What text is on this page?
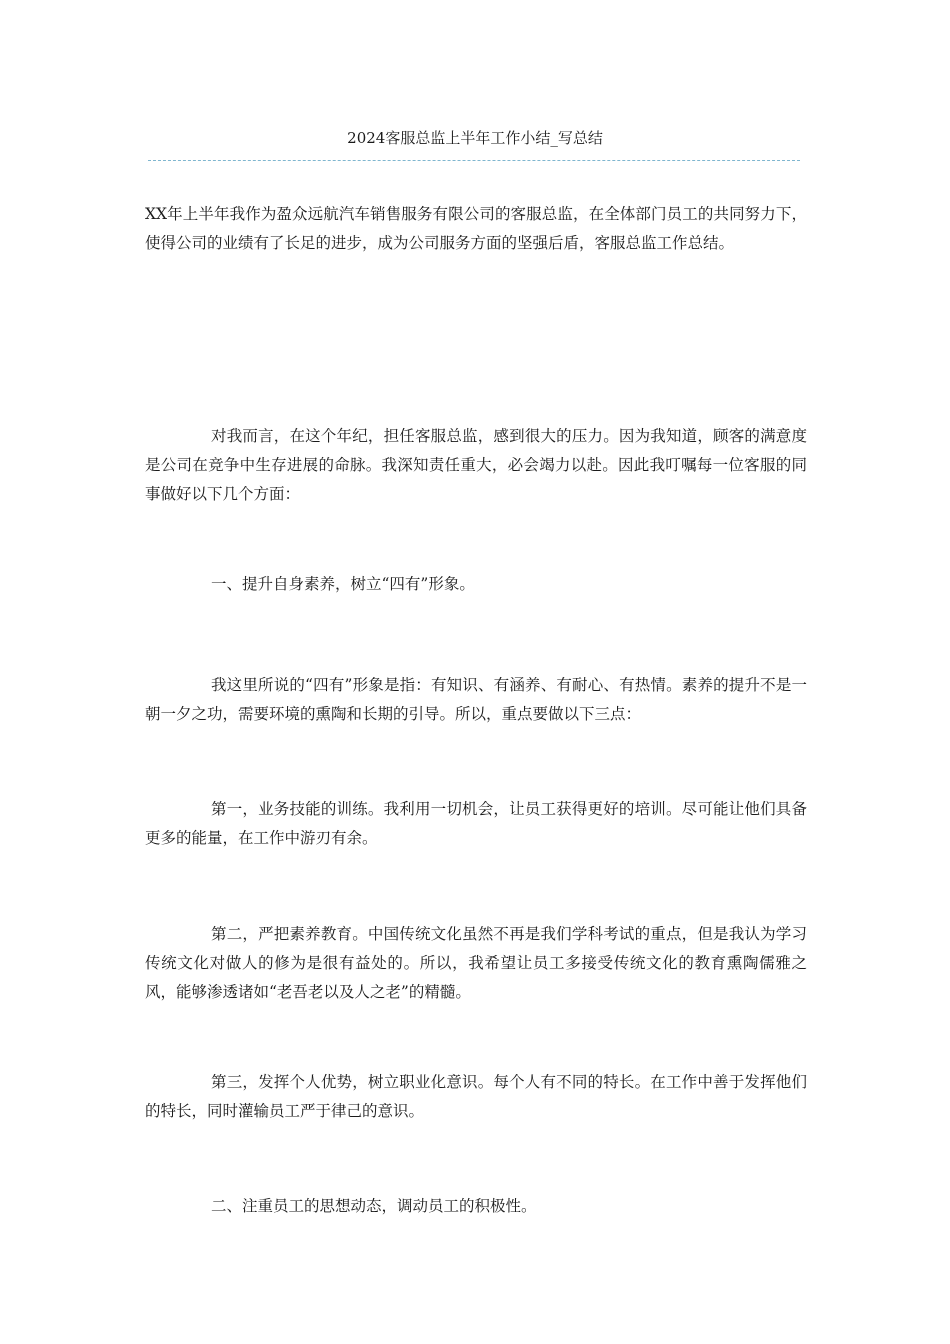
2024客服总监上半年工作小结_写总结

XX年上半年我作为盈众远航汽车销售服务有限公司的客服总监，在全体部门员工的共同努力下，使得公司的业绩有了长足的进步，成为公司服务方面的坚强后盾，客服总监工作总结。

对我而言，在这个年纪，担任客服总监，感到很大的压力。因为我知道，顾客的满意度是公司在竞争中生存进展的命脉。我深知责任重大，必会竭力以赴。因此我叮嘱每一位客服的同事做好以下几个方面：

一、提升自身素养，树立“四有”形象。

我这里所说的“四有”形象是指：有知识、有涵养、有耐心、有热情。素养的提升不是一朝一夕之功，需要环境的熏陶和长期的引导。所以，重点要做以下三点：

第一，业务技能的训练。我利用一切机会，让员工获得更好的培训。尽可能让他们具备更多的能量，在工作中游刃有余。

第二，严把素养教育。中国传统文化虽然不再是我们学科考试的重点，但是我认为学习传统文化对做人的修为是很有益处的。所以，我希望让员工多接受传统文化的教育熏陶儒雅之风，能够渗透诸如“老吾老以及人之老”的精髓。

第三，发挥个人优势，树立职业化意识。每个人有不同的特长。在工作中善于发挥他们的特长，同时灌输员工严于律己的意识。

二、注重员工的思想动态，调动员工的积极性。
